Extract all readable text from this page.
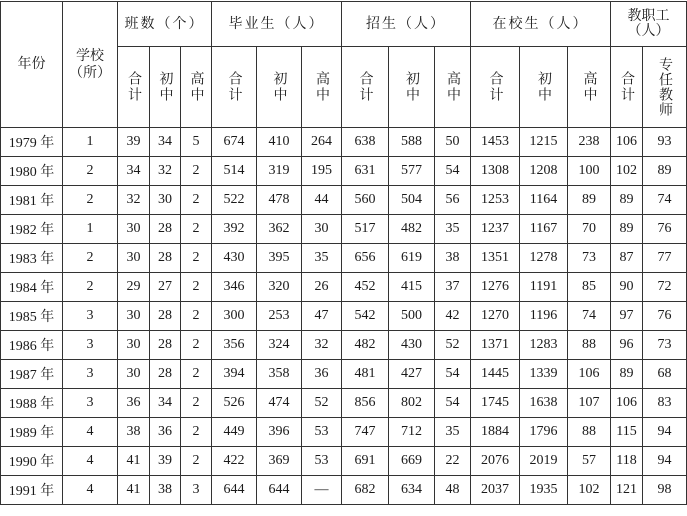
年份	学校（所）	班数（个）			毕业生（人）			招生（人）			在校生（人）			教职工（人）	
		合计	初中	高中	合计	初中	高中	合计	初中	高中	合计	初中	高中	合计	专任教师
1979 年	1	39	34	5	674	410	264	638	588	50	1453	1215	238	106	93
1980 年	2	34	32	2	514	319	195	631	577	54	1308	1208	100	102	89
1981 年	2	32	30	2	522	478	44	560	504	56	1253	1164	89	89	74
1982 年	1	30	28	2	392	362	30	517	482	35	1237	1167	70	89	76
1983 年	2	30	28	2	430	395	35	656	619	38	1351	1278	73	87	77
1984 年	2	29	27	2	346	320	26	452	415	37	1276	1191	85	90	72
1985 年	3	30	28	2	300	253	47	542	500	42	1270	1196	74	97	76
1986 年	3	30	28	2	356	324	32	482	430	52	1371	1283	88	96	73
1987 年	3	30	28	2	394	358	36	481	427	54	1445	1339	106	89	68
1988 年	3	36	34	2	526	474	52	856	802	54	1745	1638	107	106	83
1989 年	4	38	36	2	449	396	53	747	712	35	1884	1796	88	115	94
1990 年	4	41	39	2	422	369	53	691	669	22	2076	2019	57	118	94
1991 年	4	41	38	3	644	644	—	682	634	48	2037	1935	102	121	98
